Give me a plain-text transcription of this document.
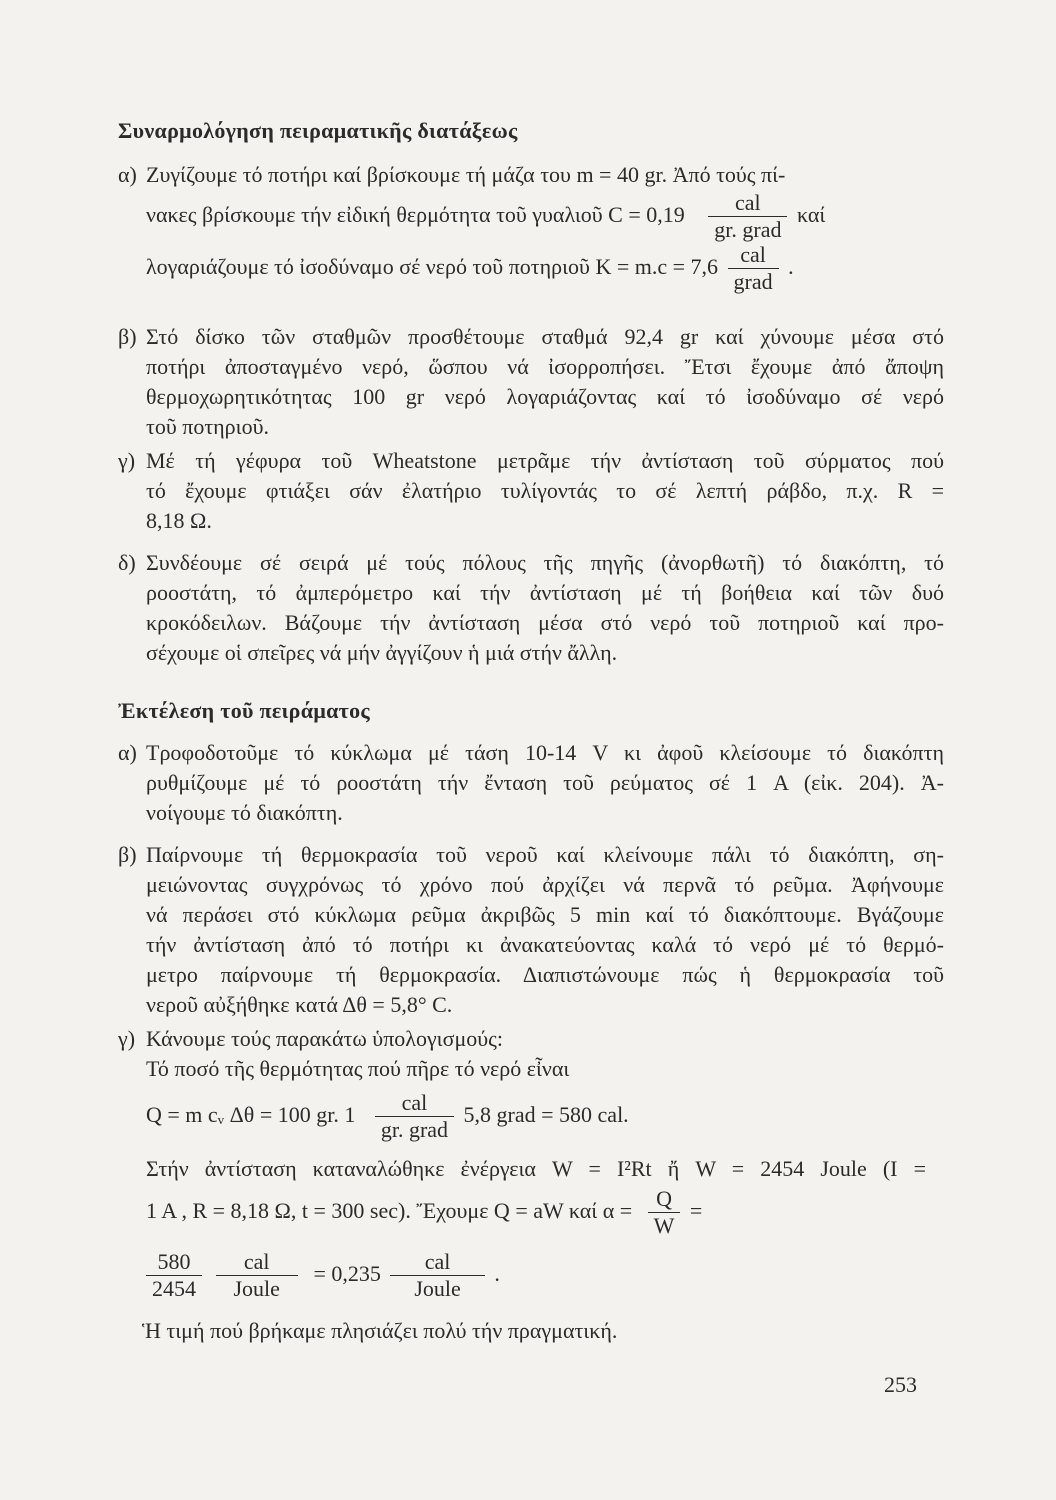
Συναρμολόγηση πειραματικῆς διατάξεως
α) Ζυγίζουμε τό ποτήρι καί βρίσκουμε τή μάζα του m = 40 gr. Ἀπό τούς πί-
νακες βρίσκουμε τήν εἰδική θερμότητα τοῦ γυαλιοῦ $C = 0,19 \frac{\text{cal}}{\text{gr. grad}}$ καί
λογαριάζουμε τό ἰσοδύναμο σέ νερό τοῦ ποτηριοῦ $K = m.c = 7,6 \frac{\text{cal}}{\text{grad}}$ .
β) Στό δίσκο τῶν σταθμῶν προσθέτουμε σταθμά 92,4 gr καί χύνουμε μέσα στό
ποτήρι ἀποσταγμένο νερό, ὥσπου νά ἰσορροπήσει. Ἔτσι ἔχουμε ἀπό ἄποψη
θερμοχωρητικότητας 100 gr νερό λογαριάζοντας καί τό ἰσοδύναμο σέ νερό
τοῦ ποτηριοῦ.
γ) Μέ τή γέφυρα τοῦ Wheatstone μετρᾶμε τήν ἀντίσταση τοῦ σύρματος πού
τό ἔχουμε φτιάξει σάν ἐλατήριο τυλίγοντάς το σέ λεπτή ράβδο, π.χ. R =
8,18 Ω.
δ) Συνδέουμε σέ σειρά μέ τούς πόλους τῆς πηγῆς (ἀνορθωτῆ) τό διακόπτη, τό
ροοστάτη, τό ἀμπερόμετρο καί τήν ἀντίσταση μέ τή βοήθεια καί τῶν δυό
κροκόδειλων. Βάζουμε τήν ἀντίσταση μέσα στό νερό τοῦ ποτηριοῦ καί προ-
σέχουμε οἱ σπεῖρες νά μήν ἀγγίζουν ἡ μιά στήν ἄλλη.
Ἐκτέλεση τοῦ πειράματος
α) Τροφοδοτοῦμε τό κύκλωμα μέ τάση 10-14 V κι ἀφοῦ κλείσουμε τό διακόπτη
ρυθμίζουμε μέ τό ροοστάτη τήν ἔνταση τοῦ ρεύματος σέ 1 A (εἰκ. 204). Ἀ-
νοίγουμε τό διακόπτη.
β) Παίρνουμε τή θερμοκρασία τοῦ νεροῦ καί κλείνουμε πάλι τό διακόπτη, ση-
μειώνοντας συγχρόνως τό χρόνο πού ἀρχίζει νά περνᾶ τό ρεῦμα. Ἀφήνουμε
νά περάσει στό κύκλωμα ρεῦμα ἀκριβῶς 5 min καί τό διακόπτουμε. Βγάζουμε
τήν ἀντίσταση ἀπό τό ποτήρι κι ἀνακατεύοντας καλά τό νερό μέ τό θερμό-
μετρο παίρνουμε τή θερμοκρασία. Διαπιστώνουμε πώς ἡ θερμοκρασία τοῦ
νεροῦ αὐξήθηκε κατά Δθ = 5,8° C.
γ) Κάνουμε τούς παρακάτω ὑπολογισμούς:
Τό ποσό τῆς θερμότητας πού πῆρε τό νερό εἶναι
Q = m cᵥ Δθ = 100 gr. $1 \frac{\text{cal}}{\text{gr. grad}} 5,8$ grad = 580 cal.
Στήν ἀντίσταση καταναλώθηκε ἐνέργεια W = I²Rt ἤ W = 2454 Joule (I =
1 A , R = 8,18 Ω, t = 300 sec). Ἔχουμε Q = aW καί $\alpha = \frac{Q}{W}$ =
$\frac{580}{2454}$
$\frac{\text{cal}}{\text{Joule}} = 0,235 \frac{\text{cal}}{\text{Joule}}$ .
Ἡ τιμή πού βρήκαμε πλησιάζει πολύ τήν πραγματική.
253
